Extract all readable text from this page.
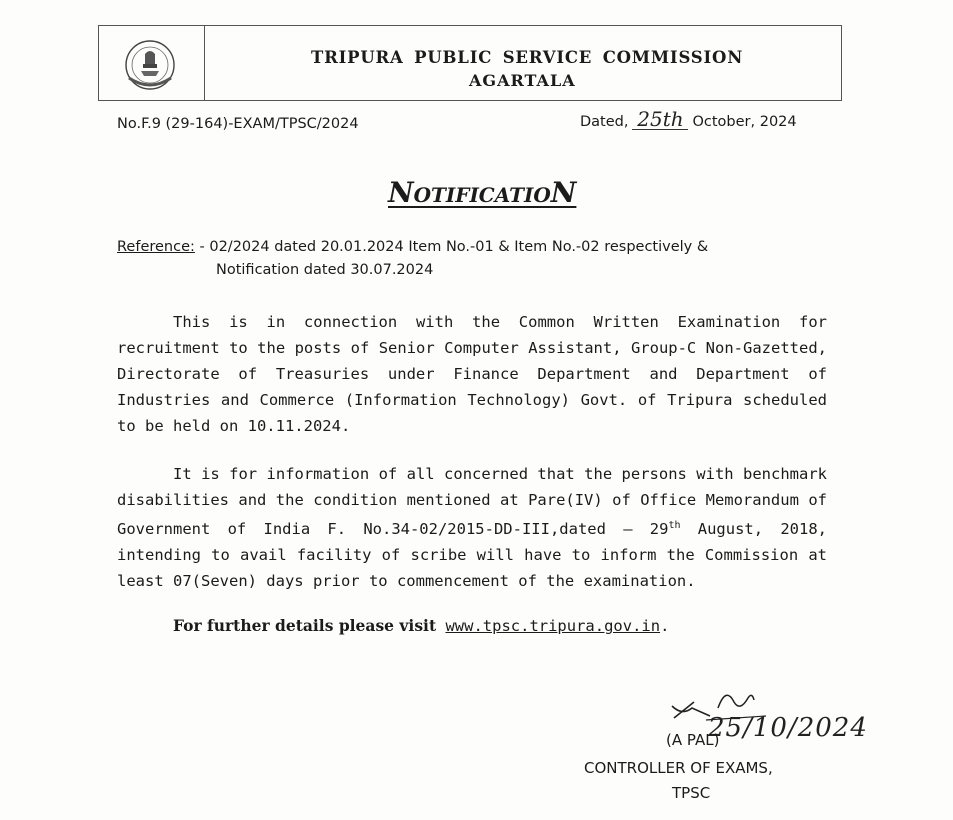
TRIPURA PUBLIC SERVICE COMMISSION
AGARTALA
No.F.9 (29-164)-EXAM/TPSC/2024	Dated, 25th October, 2024
NotificatioN
Reference: - 02/2024 dated 20.01.2024 Item No.-01 & Item No.-02 respectively &
Notification dated 30.07.2024
This is in connection with the Common Written Examination for recruitment to the posts of Senior Computer Assistant, Group-C Non-Gazetted, Directorate of Treasuries under Finance Department and Department of Industries and Commerce (Information Technology) Govt. of Tripura scheduled to be held on 10.11.2024.
It is for information of all concerned that the persons with benchmark disabilities and the condition mentioned at Pare(IV) of Office Memorandum of Government of India F. No.34-02/2015-DD-III,dated – 29th August, 2018, intending to avail facility of scribe will have to inform the Commission at least 07(Seven) days prior to commencement of the examination.
For further details please visit www.tpsc.tripura.gov.in.
25/10/2024
(A PAL)
CONTROLLER OF EXAMS,
TPSC
